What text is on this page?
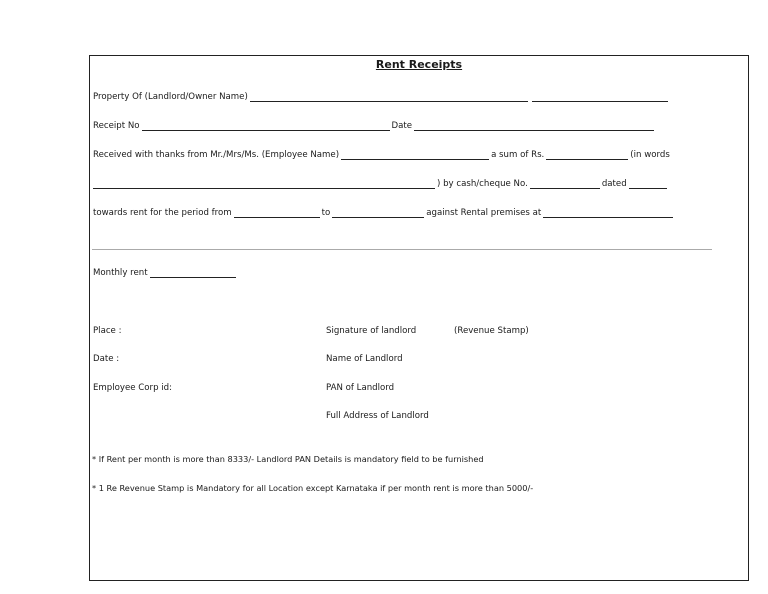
Rent Receipts
Property Of (Landlord/Owner Name)
Receipt No	Date
Received with thanks from Mr./Mrs/Ms. (Employee Name)	a sum of Rs.	(in words
) by cash/cheque No.	dated
towards rent for the period from	to	against Rental premises at
Monthly rent
Place :
Date :
Employee Corp id:
Signature of landlord	(Revenue Stamp)
Name of Landlord
PAN of Landlord
Full Address of Landlord
* If Rent per month is more than 8333/- Landlord PAN Details is mandatory field to be furnished
* 1 Re Revenue Stamp is Mandatory for all Location except Karnataka if per month rent is more than 5000/-
